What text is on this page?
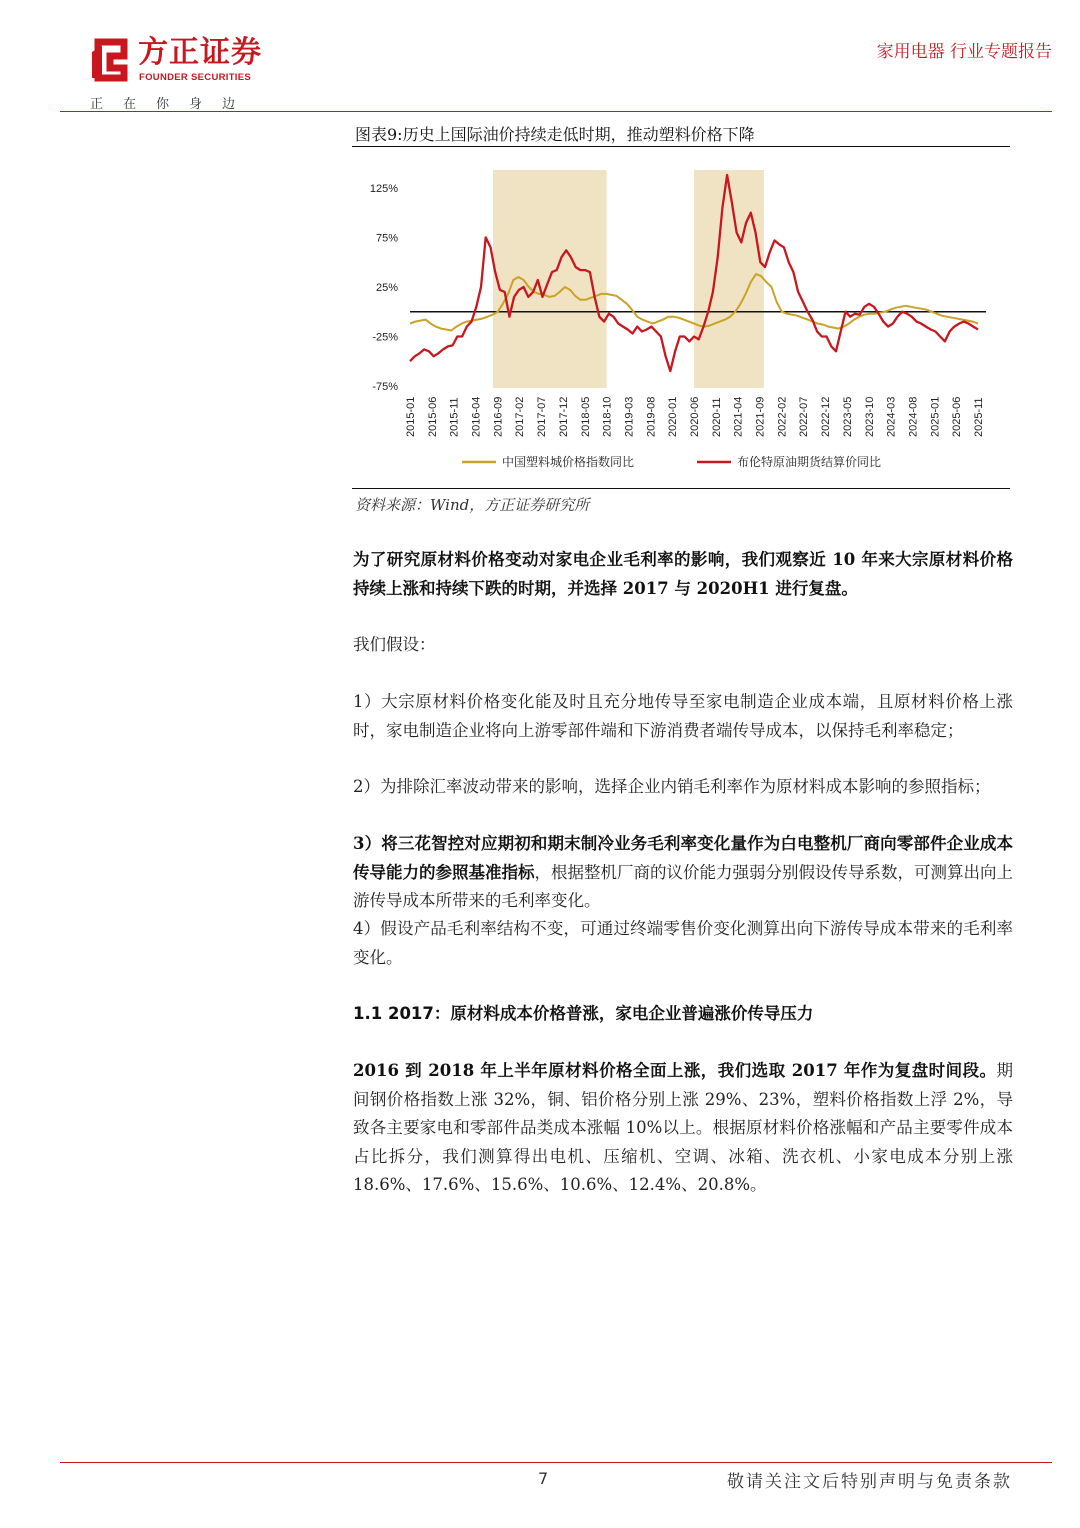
方正证券
FOUNDER SECURITIES
正在你身边
家用电器 行业专题报告
图表9:历史上国际油价持续走低时期，推动塑料价格下降
125%
75%
25%
-25%
-75%
2015-01 2015-06 2015-11 2016-04 2016-09 2017-02 2017-07 2017-12 2018-05 2018-10 2019-03 2019-08 2020-01 2020-06 2020-11 2021-04 2021-09 2022-02 2022-07 2022-12 2023-05 2023-10 2024-03 2024-08 2025-01 2025-06 2025-11
中国塑料城价格指数同比	布伦特原油期货结算价同比
资料来源：Wind，方正证券研究所
为了研究原材料价格变动对家电企业毛利率的影响，我们观察近 10 年来大宗原材料价格持续上涨和持续下跌的时期，并选择 2017 与 2020H1 进行复盘。
我们假设：
1）大宗原材料价格变化能及时且充分地传导至家电制造企业成本端，且原材料价格上涨时，家电制造企业将向上游零部件端和下游消费者端传导成本，以保持毛利率稳定；
2）为排除汇率波动带来的影响，选择企业内销毛利率作为原材料成本影响的参照指标；
3）将三花智控对应期初和期末制冷业务毛利率变化量作为白电整机厂商向零部件企业成本传导能力的参照基准指标，根据整机厂商的议价能力强弱分别假设传导系数，可测算出向上游传导成本所带来的毛利率变化。
4）假设产品毛利率结构不变，可通过终端零售价变化测算出向下游传导成本带来的毛利率变化。
1.1 2017：原材料成本价格普涨，家电企业普遍涨价传导压力
2016 到 2018 年上半年原材料价格全面上涨，我们选取 2017 年作为复盘时间段。期间钢价格指数上涨 32%，铜、铝价格分别上涨 29%、23%，塑料价格指数上浮 2%，导致各主要家电和零部件品类成本涨幅 10%以上。根据原材料价格涨幅和产品主要零件成本占比拆分，我们测算得出电机、压缩机、空调、冰箱、洗衣机、小家电成本分别上涨 18.6%、17.6%、15.6%、10.6%、12.4%、20.8%。
7	敬请关注文后特别声明与免责条款
